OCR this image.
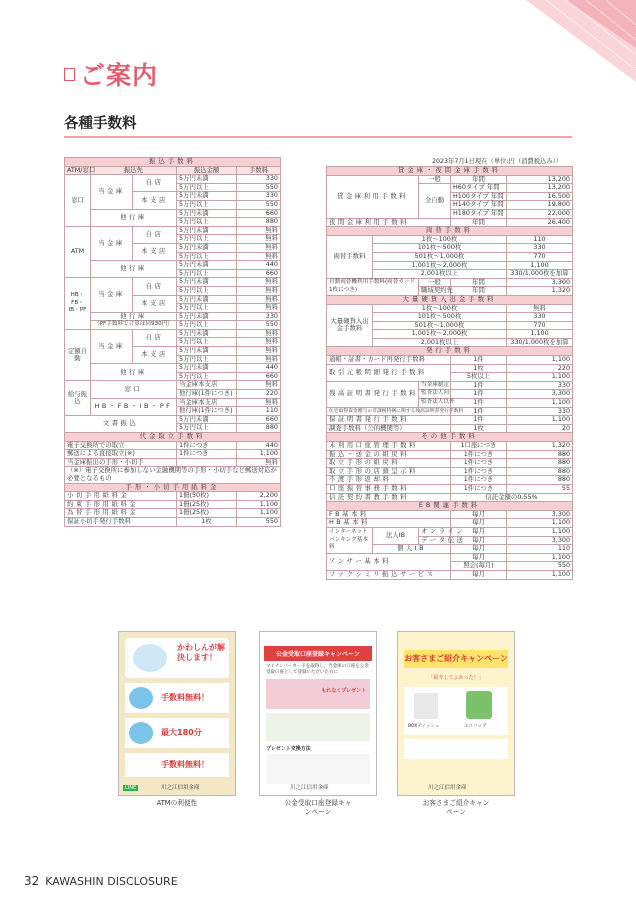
ご案内
各種手数料
振込手数料				
ATM/窓口	振込先		振込金額	手数料
窓口	当金庫	自店	5万円未満	330
			5万円以上	550
		本支店	5万円未満	330
			5万円以上	550
	他行庫		5万円未満	660
			5万円以上	880
ATM	当金庫	自店	5万円未満	無料
			5万円以上	無料
		本支店	5万円未満	無料
			5万円以上	無料
	他行庫		5万円未満	440
			5万円以上	660
HB・FB・IB・PF	当金庫	自店	5万円未満	無料
			5万円以上	無料
		本支店	5万円未満	無料
			5万円以上	無料
	他行庫		5万円未満	330
	（PF手数料で合算は同930円）		5万円以上	550
定額自動	当金庫	自店	5万円未満	無料
			5万円以上	無料
		本支店	5万円未満	無料
			5万円以上	無料
	他行庫		5万円未満	440
			5万円以上	660
給与振込	窓口		当金庫本支店	無料
			他行庫(1件につき)	220
	HB・FB・IB・PF		当金庫本支店	無料
			他行庫(1件につき)	110
文書振込			5万円未満	660
			5万円以上	880
代金取立手数料				
電子交換所での取立			1件につき	440
郵送による直接取立(※)			1件につき	1,100
当金庫振出の手形・小切手				無料
（※）電子交換所に参加しない金融機関等の手形・小切手など郵送対応が必要となるもの				
手形・小切手用紙料金				
小切手用紙料金			1冊(50枚)	2,200
約束手形用紙料金			1冊(25枚)	1,100
為替手形用紙料金			1冊(25枚)	1,100
保証小切手発行手数料			1枚	550
2023年7月1日現在（単位:円（消費税込み））
貸金庫・夜間金庫手数料				
貸金庫利用手数料		一般	年間	13,200
		全自動	H60タイプ 年間	13,200
			H100タイプ 年間	16,500
			H140タイプ 年間	19,800
			H180タイプ 年間	22,000
夜間金庫利用手数料			年間	26,400
両替手数料				
両替手数料	1枚〜100枚			110
	101枚〜500枚			330
	501枚〜1,000枚			770
	1,001枚〜2,000枚			1,100
	2,001枚以上			330/1,000枚を加算
自動両替機利用手数料(両替カード1枚につき)		一般	年間	3,300
		職域契約先	年間	1,320
大量硬貨入出金手数料				
大量硬貨入出金手数料	1枚〜100枚			無料
	101枚〜500枚			330
	501枚〜1,000枚			770
	1,001枚〜2,000枚			1,100
	2,001枚以上			330/1,000枚を加算
発行手数料				
通帳・証書・カード再発行手数料			1件	1,100
取引元帳明細発行手数料			1枚	220
			5枚以上	1,100
残高証明書発行手数料		当金庫制定	1件	330
		監査法人向	1件	3,300
		監査法人以外	1件	1,100
住宅取得資金贈与の非課税特例に関する残高証明書発行手数料			1件	330
保証明書発行手数料			1件	1,100
調査手数料（公的機関等）			1枚	20
その他手数料				
未利用口座管理手数料			1口座につき	1,320
振込・送金の組戻料			1件につき	880
取立手形の組戻料			1件につき	880
取立手形の店頭呈示料			1件につき	880
不渡手形返却料			1件につき	880
口座振替事務手数料			1件につき	55
信託契約書教手数料			信託金額の0.55%	
EB関連手数料				
FB基本料			毎月	3,300
HB基本料			毎月	1,100
インターネットバンキング基本料	法人IB	オンライン	毎月	1,100
		データ伝送	毎月	3,300
	個人IB		毎月	110
アンサー基本料			毎月	1,100
			照会(毎月)	550
ファクシミリ振込サービス			毎月	1,100
かわしんが解決します！
手数料無料！
最大180分
手数料無料！
LINE	川之江信用金庫
ATMの利便性
公金受取口座登録キャンペーン
マイナンバーカードを取得し、当金庫の口座を公金受取口座として登録いただいた方に
もれなくプレゼント
プレゼント交換方法
川之江信用金庫
公金受取口座登録キャンペーン
お客さまご紹介キャンペーン
「紹介してよかった！」
BOXティッシュ	エコバッグ
川之江信用金庫
お客さまご紹介キャンペーン
32 KAWASHIN DISCLOSURE
